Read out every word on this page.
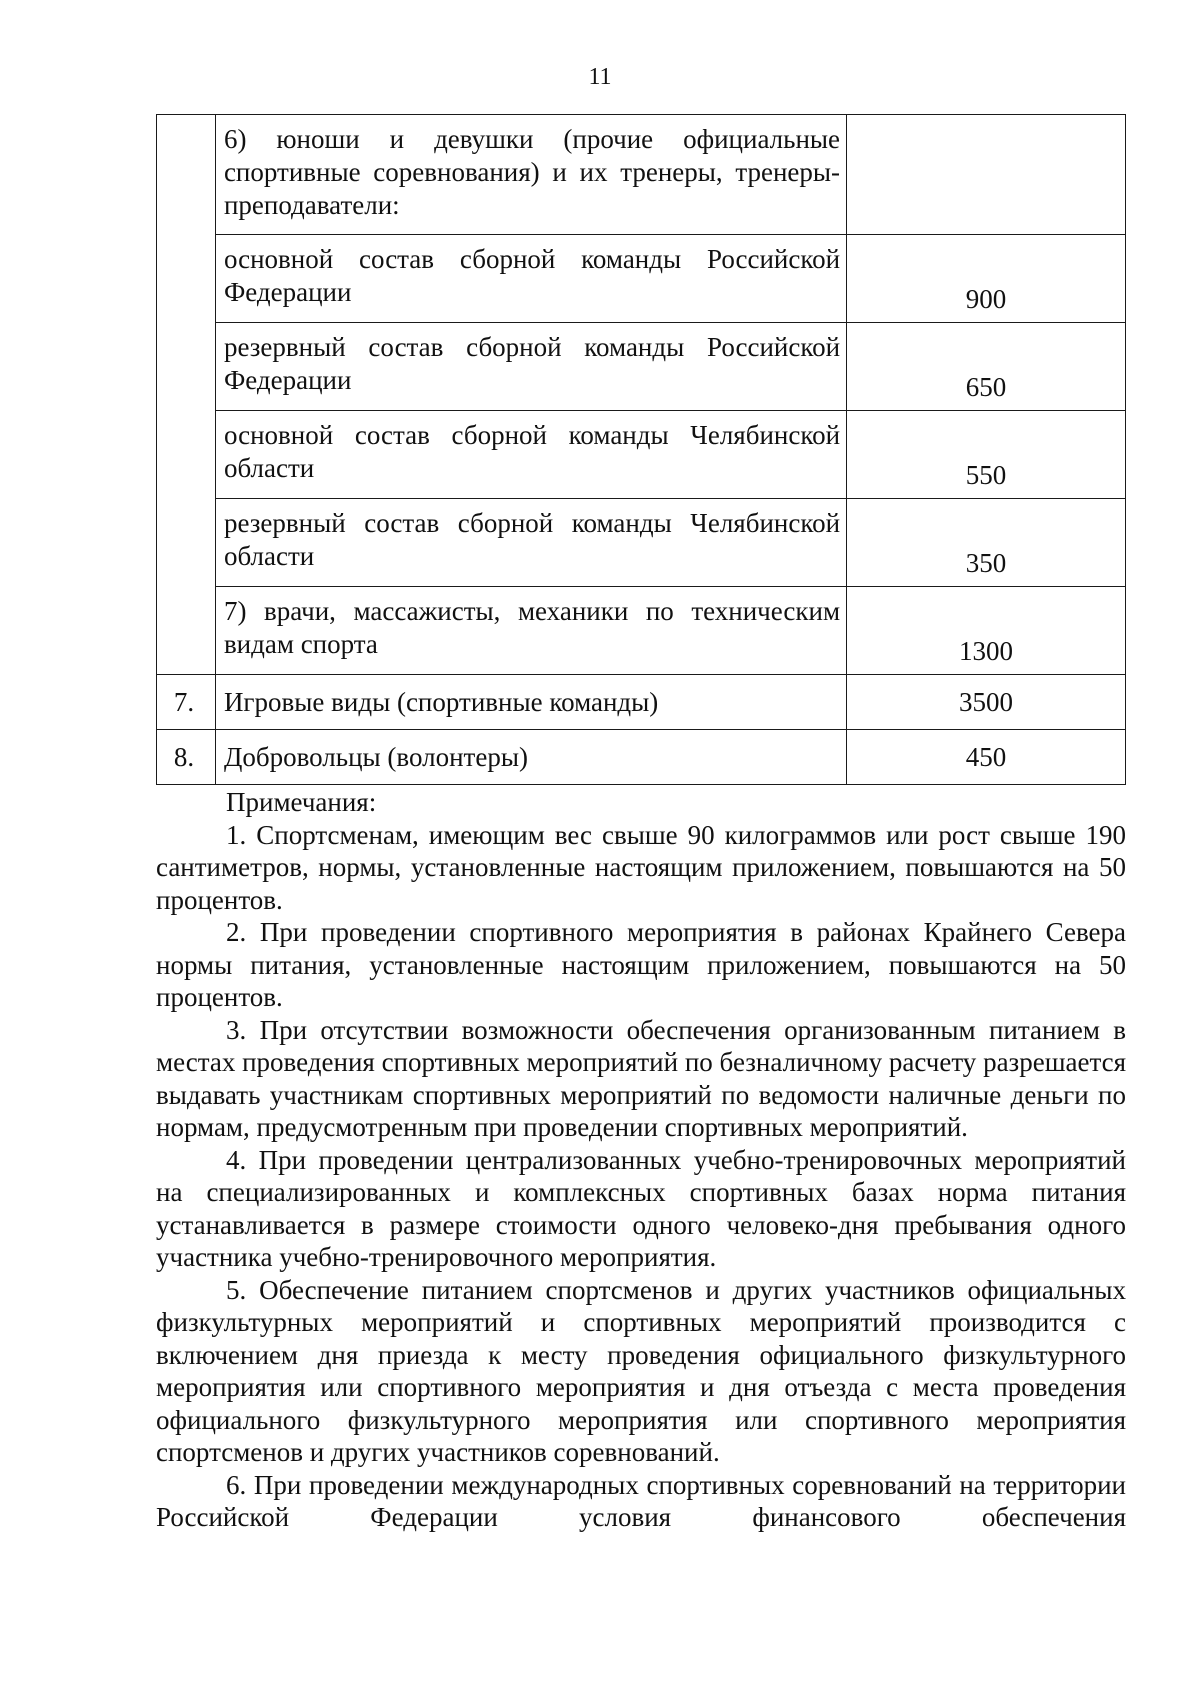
11

	6) юноши и девушки (прочие официальные спортивные соревнования) и их тренеры, тренеры-преподаватели:	

	основной состав сборной команды Российской Федерации	900

	резервный состав сборной команды Российской Федерации	650

	основной состав сборной команды Челябинской области	550

	резервный состав сборной команды Челябинской области	350

	7) врачи, массажисты, механики по техническим видам спорта	1300
7.	Игровые виды (спортивные команды)	3500
8.	Добровольцы (волонтеры)	450
Примечания:

1. Спортсменам, имеющим вес свыше 90 килограммов или рост свыше 190 сантиметров, нормы, установленные настоящим приложением, повышаются на 50 процентов.

2. При проведении спортивного мероприятия в районах Крайнего Севера нормы питания, установленные настоящим приложением, повышаются на 50 процентов.

3. При отсутствии возможности обеспечения организованным питанием в местах проведения спортивных мероприятий по безналичному расчету разрешается выдавать участникам спортивных мероприятий по ведомости наличные деньги по нормам, предусмотренным при проведении спортивных мероприятий.

4. При проведении централизованных учебно-тренировочных мероприятий на специализированных и комплексных спортивных базах норма питания устанавливается в размере стоимости одного человеко-дня пребывания одного участника учебно-тренировочного мероприятия.

5. Обеспечение питанием спортсменов и других участников официальных физкультурных мероприятий и спортивных мероприятий производится с включением дня приезда к месту проведения официального физкультурного мероприятия или спортивного мероприятия и дня отъезда с места проведения официального физкультурного мероприятия или спортивного мероприятия спортсменов и других участников соревнований.

6. При проведении международных спортивных соревнований на территории Российской Федерации условия финансового обеспечения
